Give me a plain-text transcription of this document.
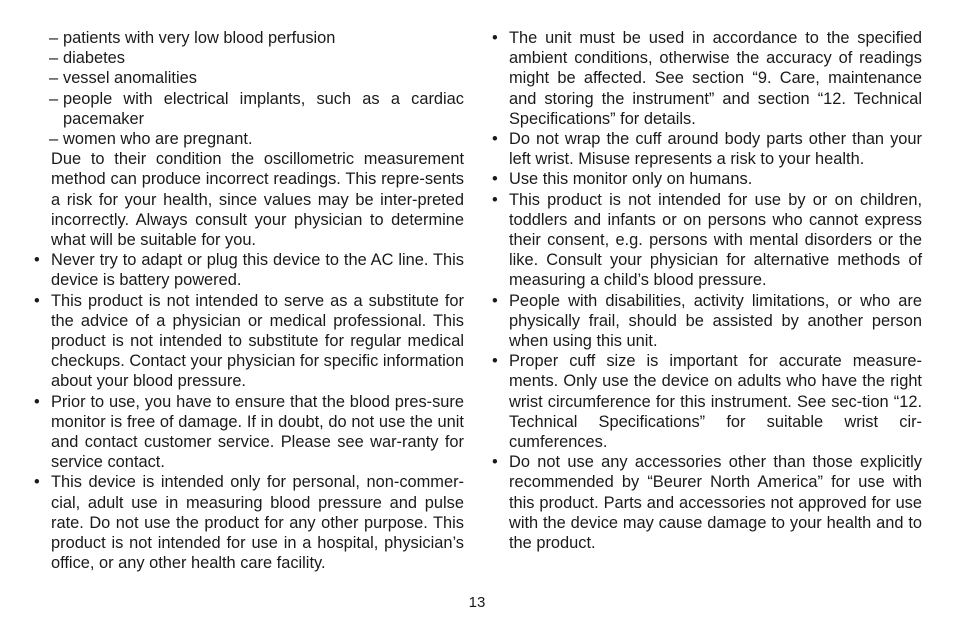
– patients with very low blood perfusion
– diabetes
– vessel anomalities
– people with electrical implants, such as a cardiac pacemaker
– women who are pregnant.
Due to their condition the oscillometric measurement method can produce incorrect readings. This repre-sents a risk for your health, since values may be inter-preted incorrectly. Always consult your physician to determine what will be suitable for you.
• Never try to adapt or plug this device to the AC line. This device is battery powered.
• This product is not intended to serve as a substitute for the advice of a physician or medical professional. This product is not intended to substitute for regular medical checkups. Contact your physician for specific information about your blood pressure.
• Prior to use, you have to ensure that the blood pres-sure monitor is free of damage. If in doubt, do not use the unit and contact customer service. Please see war-ranty for service contact.
• This device is intended only for personal, non-commer-cial, adult use in measuring blood pressure and pulse rate. Do not use the product for any other purpose. This product is not intended for use in a hospital, physician’s office, or any other health care facility.
• The unit must be used in accordance to the specified ambient conditions, otherwise the accuracy of readings might be affected. See section “9. Care, maintenance and storing the instrument” and section “12. Technical Specifications” for details.
• Do not wrap the cuff around body parts other than your left wrist. Misuse represents a risk to your health.
• Use this monitor only on humans.
• This product is not intended for use by or on children, toddlers and infants or on persons who cannot express their consent, e.g. persons with mental disorders or the like. Consult your physician for alternative methods of measuring a child’s blood pressure.
• People with disabilities, activity limitations, or who are physically frail, should be assisted by another person when using this unit.
• Proper cuff size is important for accurate measure-ments. Only use the device on adults who have the right wrist circumference for this instrument. See sec-tion “12. Technical Specifications” for suitable wrist cir-cumferences.
• Do not use any accessories other than those explicitly recommended by “Beurer North America” for use with this product. Parts and accessories not approved for use with the device may cause damage to your health and to the product.
13
